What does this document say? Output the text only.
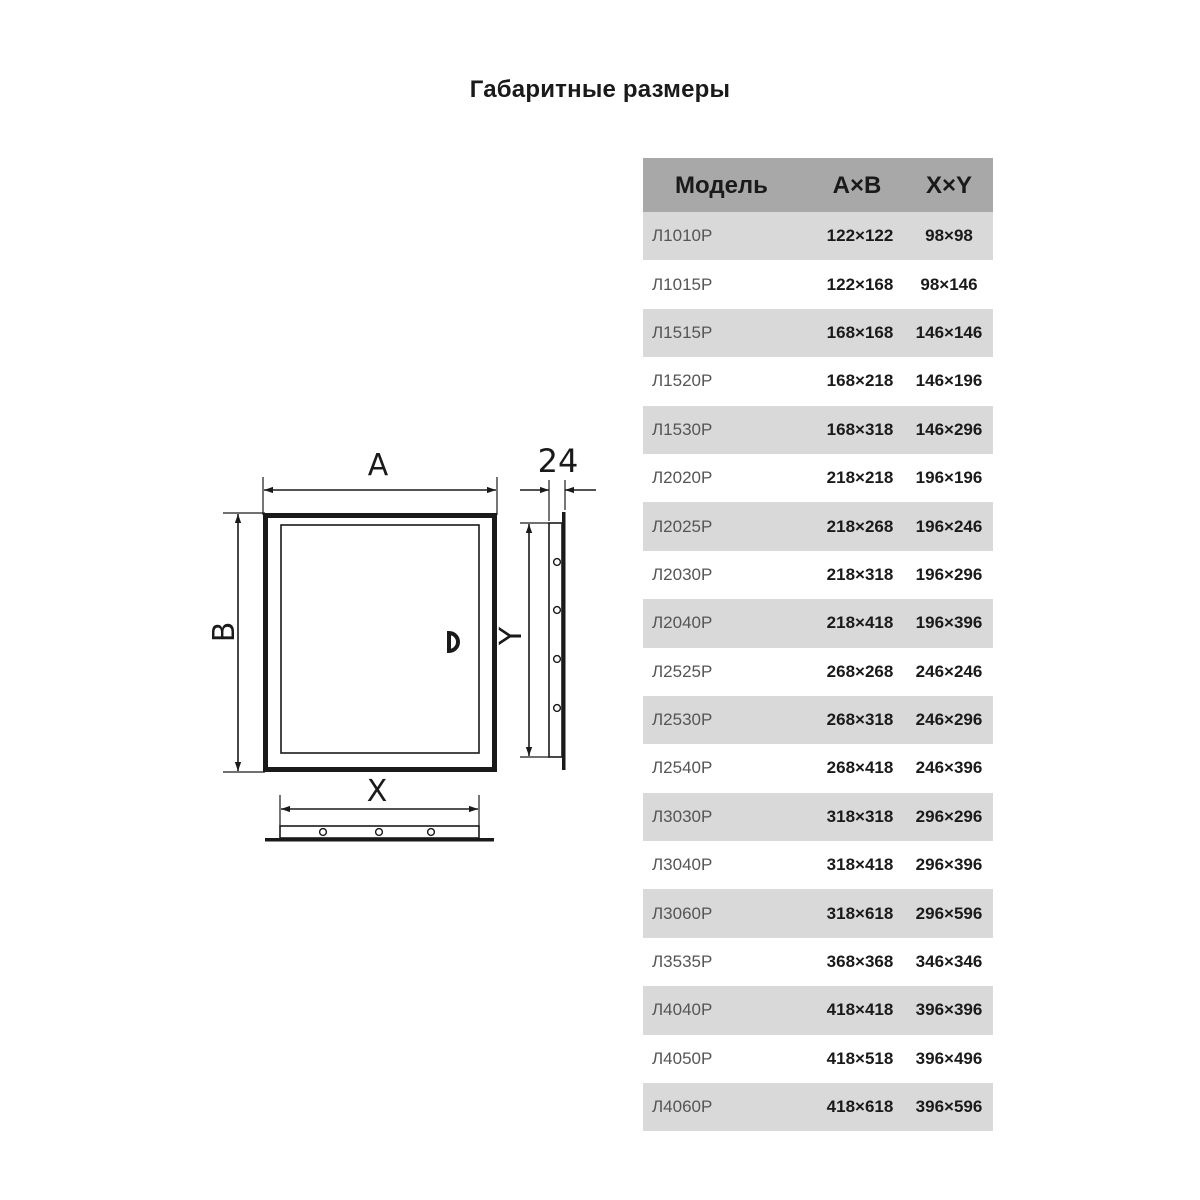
Габаритные размеры
A
B
24
Y
X
Модель	A×B	X×Y
Л1010Р	122×122	98×98
Л1015Р	122×168	98×146
Л1515Р	168×168	146×146
Л1520Р	168×218	146×196
Л1530Р	168×318	146×296
Л2020Р	218×218	196×196
Л2025Р	218×268	196×246
Л2030Р	218×318	196×296
Л2040Р	218×418	196×396
Л2525Р	268×268	246×246
Л2530Р	268×318	246×296
Л2540Р	268×418	246×396
Л3030Р	318×318	296×296
Л3040Р	318×418	296×396
Л3060Р	318×618	296×596
Л3535Р	368×368	346×346
Л4040Р	418×418	396×396
Л4050Р	418×518	396×496
Л4060Р	418×618	396×596
